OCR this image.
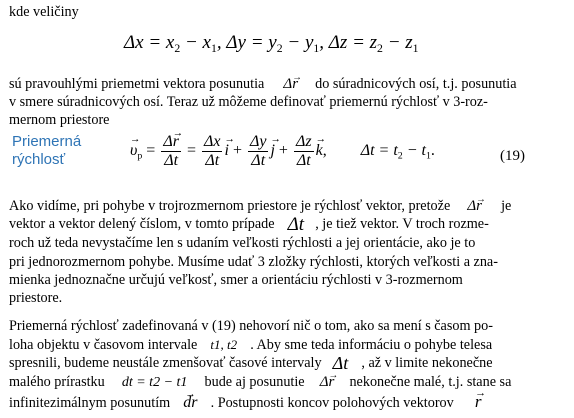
kde veličiny
$\Delta x = x_2 - x_1$, $\Delta y = y_2 - y_1$, $\Delta z = z_2 - z_1$
sú pravouhlými priemetmi vektora posunutia Δ→ r do súradnicových osí, t.j. posunutia
v smere súradnicových osí. Teraz už môžeme definovať priemernú rýchlosť v 3-roz-
mernom priestore
Priemerná
rýchlosť
→ $\upsilon_p = \frac{\Delta\to r}{\Delta t} = \frac{\Delta x}{\Delta t}$
→ $i + \frac{\Delta y}{\Delta t}$
→ $j + \frac{\Delta z}{\Delta t}$
→ k, $\Delta t = t_2 - t_1$.	(19)
Ako vidíme, pri pohybe v trojrozmernom priestore je rýchlosť vektor, pretože Δ→ r je
vektor a vektor delený číslom, v tomto prípade Δt , je tiež vektor. V troch rozme-
roch už teda nevystačíme len s udaním veľkosti rýchlosti a jej orientácie, ako je to
pri jednorozmernom pohybe. Musíme udať 3 zložky rýchlosti, ktorých veľkosti a zna-
mienka jednoznačne určujú veľkosť, smer a orientáciu rýchlosti v 3-rozmernom
priestore.
Priemerná rýchlosť zadefinovaná v (19) nehovorí nič o tom, ako sa mení s časom po-
loha objektu v časovom intervale t1, t2 . Aby sme teda informáciu o pohybe telesa
spresnili, budeme neustále zmenšovať časové intervaly Δt , až v limite nekonečne
malého prírastku dt = t2 − t1 bude aj posunutie Δ→ r nekonečne malé, t.j. stane sa
infinitezimálnym posunutím  → dr . Postupnosti koncov polohových vektorov  → r
